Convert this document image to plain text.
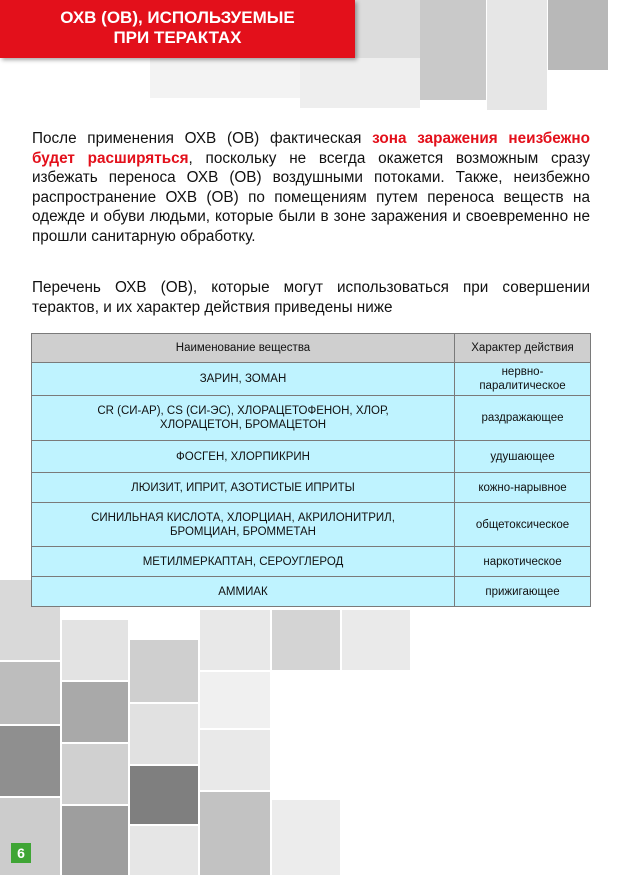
ОХВ (ОВ), ИСПОЛЬЗУЕМЫЕ
ПРИ ТЕРАКТАХ
После применения ОХВ (ОВ) фактическая зона заражения неизбежно будет расширяться, поскольку не всегда окажется возможным сразу избежать переноса ОХВ (ОВ) воздушными потоками. Также, неизбежно распространение ОХВ (ОВ) по помещениям путем переноса веществ на одежде и обуви людьми, которые были в зоне заражения и своевременно не прошли санитарную обработку.
Перечень ОХВ (ОВ), которые могут использоваться при совершении терактов, и их характер действия приведены ниже
Наименование вещества	Характер действия
ЗАРИН, ЗОМАН	нервно-паралитическое
CR (СИ-АР), CS (СИ-ЭС), ХЛОРАЦЕТОФЕНОН, ХЛОР, ХЛОРАЦЕТОН, БРОМАЦЕТОН	раздражающее
ФОСГЕН, ХЛОРПИКРИН	удушающее
ЛЮИЗИТ, ИПРИТ, АЗОТИСТЫЕ ИПРИТЫ	кожно-нарывное
СИНИЛЬНАЯ КИСЛОТА, ХЛОРЦИАН, АКРИЛОНИТРИЛ, БРОМЦИАН, БРОММЕТАН	общетоксическое
МЕТИЛМЕРКАПТАН, СЕРОУГЛЕРОД	наркотическое
АММИАК	прижигающее
6
